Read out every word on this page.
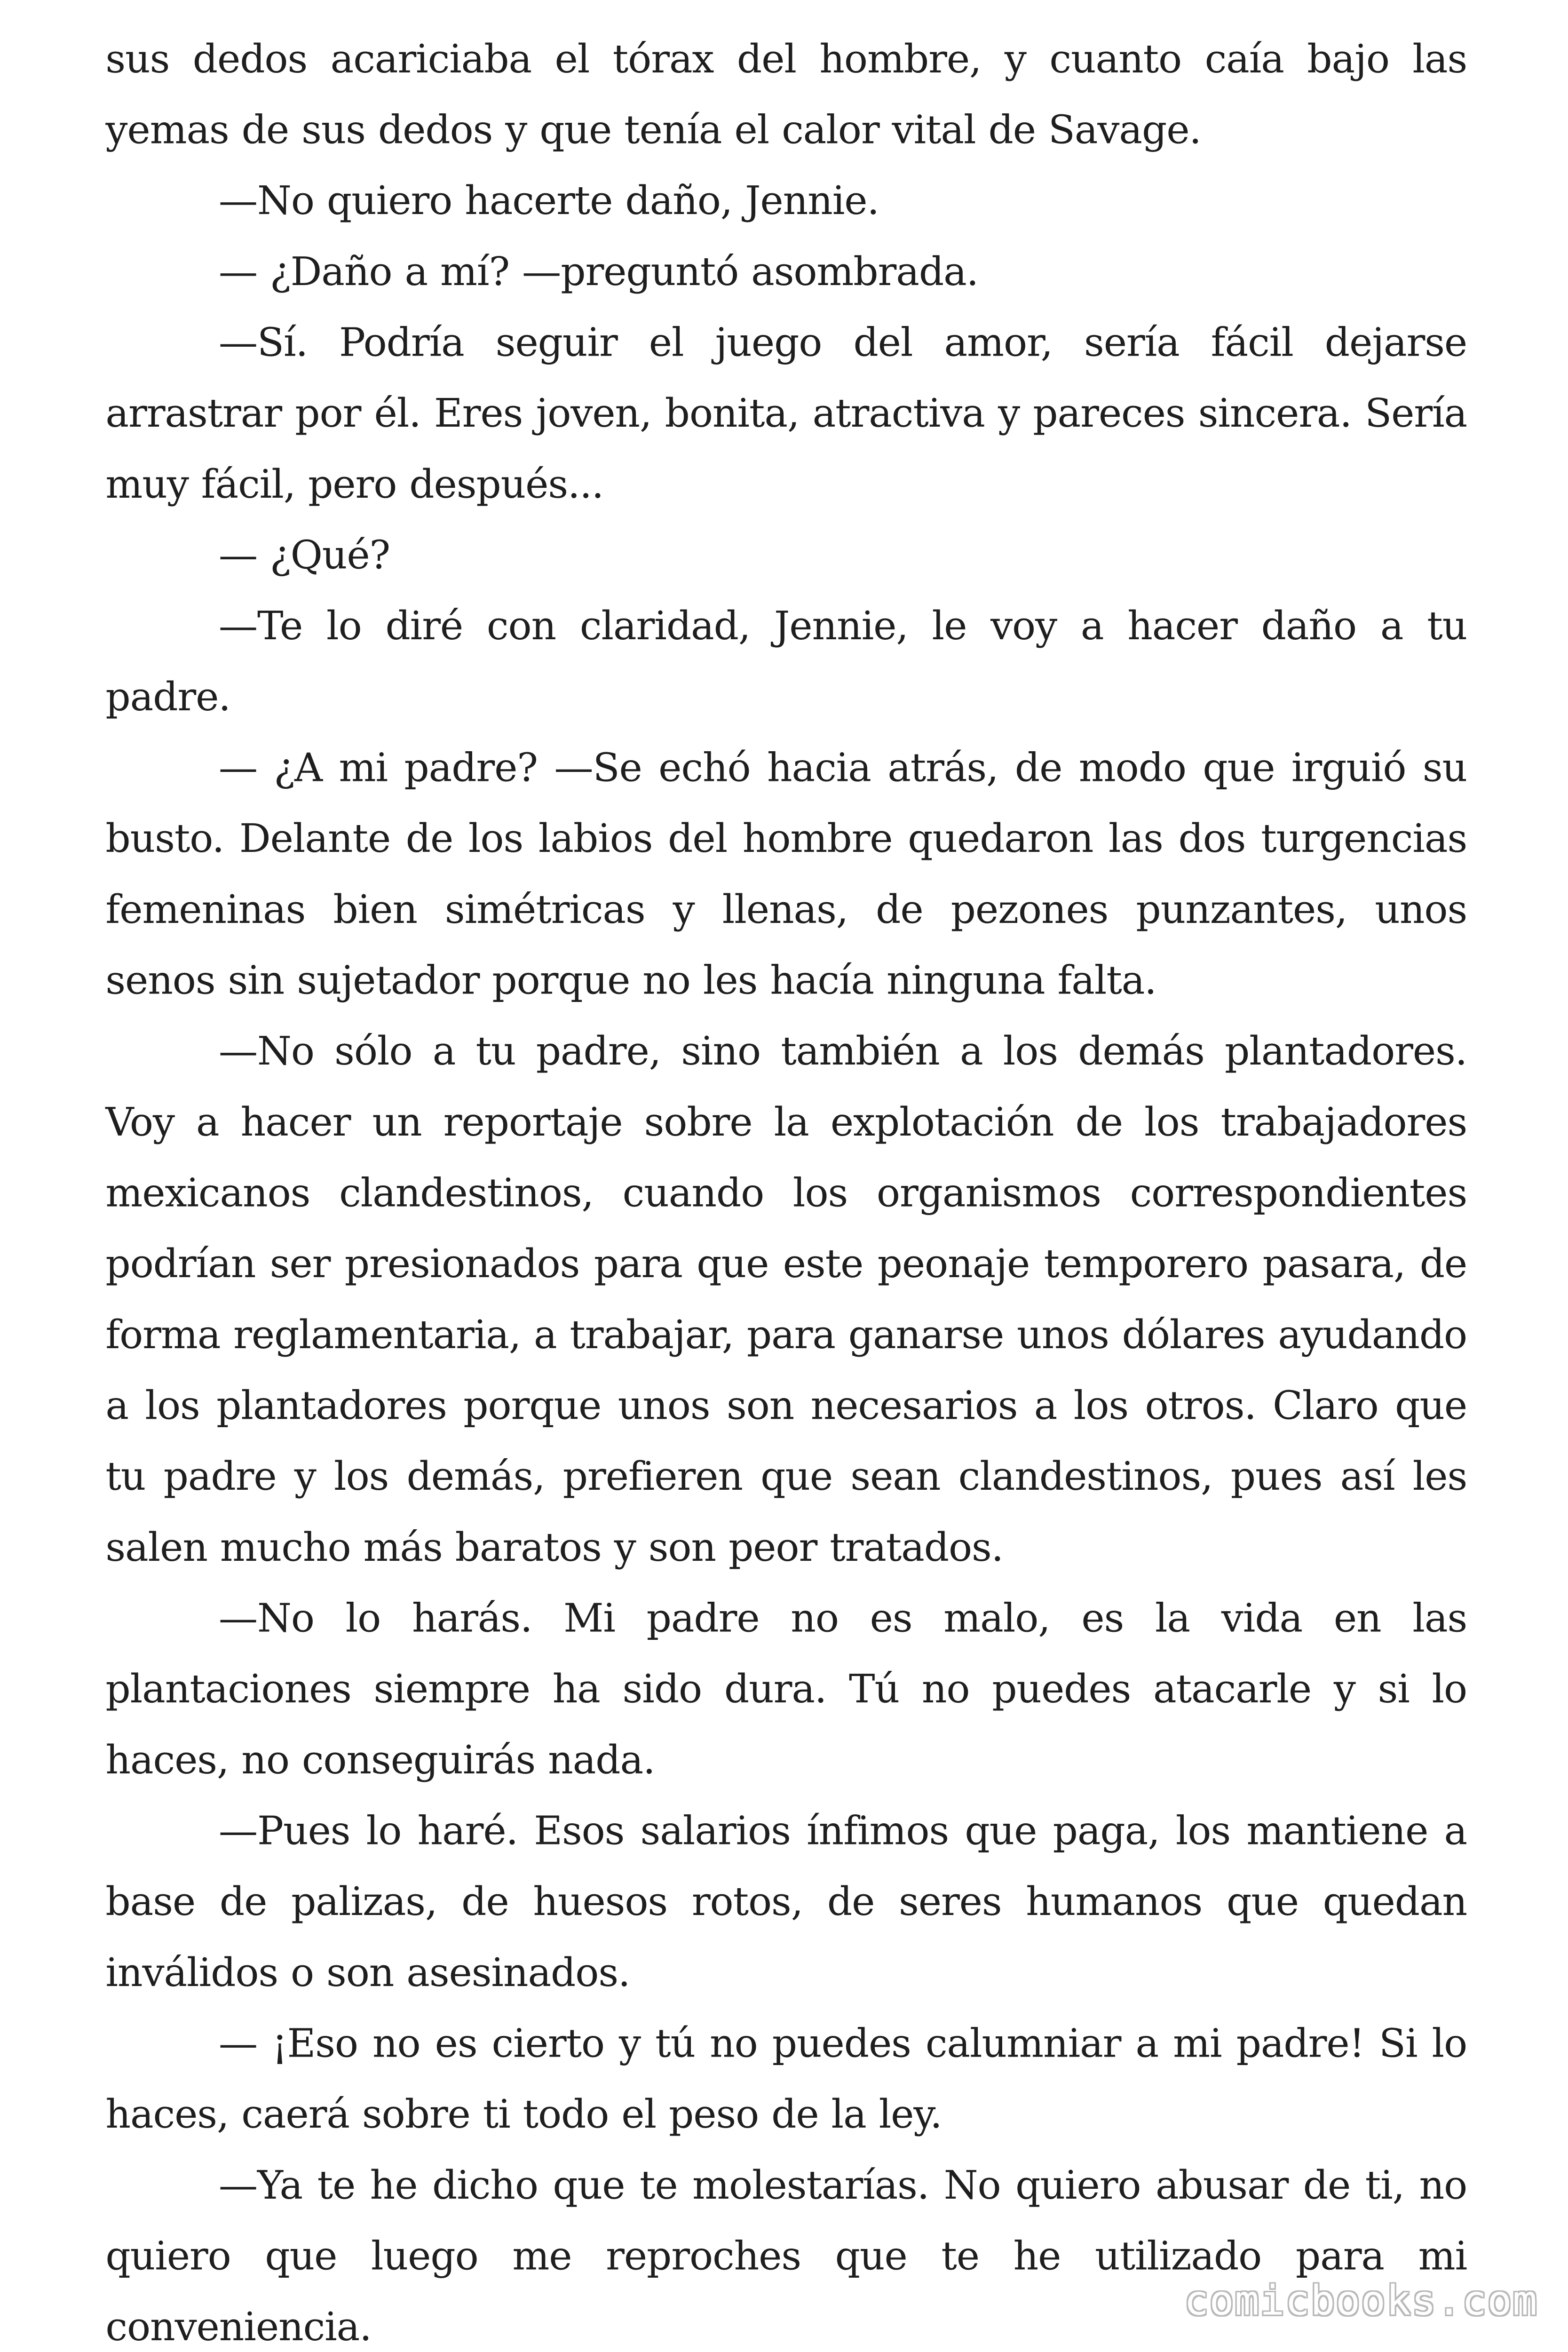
sus dedos acariciaba el tórax del hombre, y cuanto caía bajo las yemas de sus dedos y que tenía el calor vital de Savage.

—No quiero hacerte daño, Jennie.

— ¿Daño a mí? —preguntó asombrada.

—Sí. Podría seguir el juego del amor, sería fácil dejarse arrastrar por él. Eres joven, bonita, atractiva y pareces sincera. Sería muy fácil, pero después...

— ¿Qué?

—Te lo diré con claridad, Jennie, le voy a hacer daño a tu padre.

— ¿A mi padre? —Se echó hacia atrás, de modo que irguió su busto. Delante de los labios del hombre quedaron las dos turgencias femeninas bien simétricas y llenas, de pezones punzantes, unos senos sin sujetador porque no les hacía ninguna falta.

—No sólo a tu padre, sino también a los demás plantadores. Voy a hacer un reportaje sobre la explotación de los trabajadores mexicanos clandestinos, cuando los organismos correspondientes podrían ser presionados para que este peonaje temporero pasara, de forma reglamentaria, a trabajar, para ganarse unos dólares ayudando a los plantadores porque unos son necesarios a los otros. Claro que tu padre y los demás, prefieren que sean clandestinos, pues así les salen mucho más baratos y son peor tratados.

—No lo harás. Mi padre no es malo, es la vida en las plantaciones siempre ha sido dura. Tú no puedes atacarle y si lo haces, no conseguirás nada.

—Pues lo haré. Esos salarios ínfimos que paga, los mantiene a base de palizas, de huesos rotos, de seres humanos que quedan inválidos o son asesinados.

— ¡Eso no es cierto y tú no puedes calumniar a mi padre! Si lo haces, caerá sobre ti todo el peso de la ley.

—Ya te he dicho que te molestarías. No quiero abusar de ti, no quiero que luego me reproches que te he utilizado para mi conveniencia.

comicbooks.com
